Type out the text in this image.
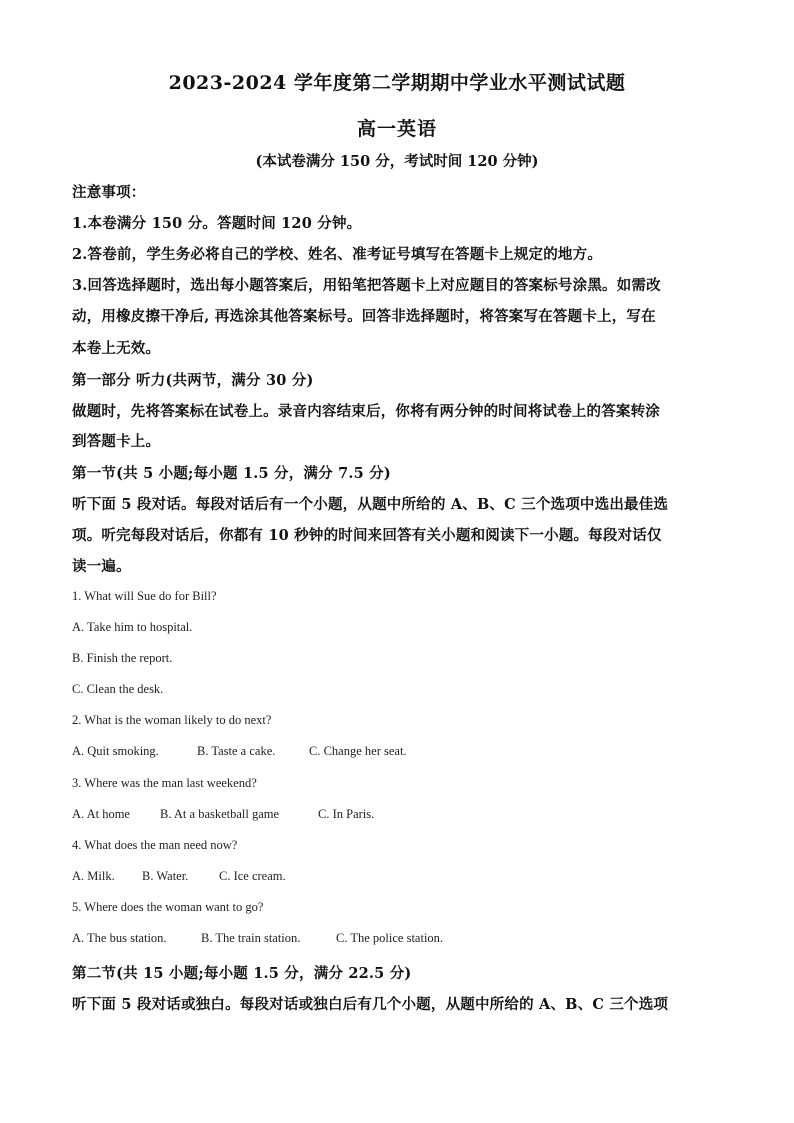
2023-2024 学年度第二学期期中学业水平测试试题
高一英语
(本试卷满分 150 分，考试时间 120 分钟)
注意事项：
1.本卷满分 150 分。答题时间 120 分钟。
2.答卷前，学生务必将自己的学校、姓名、准考证号填写在答题卡上规定的地方。
3.回答选择题时，选出每小题答案后，用铅笔把答题卡上对应题目的答案标号涂黑。如需改
动，用橡皮擦干净后, 再选涂其他答案标号。回答非选择题时，将答案写在答题卡上，写在
本卷上无效。
第一部分 听力(共两节，满分 30 分)
做题时，先将答案标在试卷上。录音内容结束后，你将有两分钟的时间将试卷上的答案转涂
到答题卡上。
第一节(共 5 小题;每小题 1.5 分，满分 7.5 分)
听下面 5 段对话。每段对话后有一个小题，从题中所给的 A、B、C 三个选项中选出最佳选
项。听完每段对话后，你都有 10 秒钟的时间来回答有关小题和阅读下一小题。每段对话仅
读一遍。
1. What will Sue do for Bill?
A. Take him to hospital.
B. Finish the report.
C. Clean the desk.
2. What is the woman likely to do next?
A. Quit smoking.	B. Taste a cake.	C. Change her seat.
3. Where was the man last weekend?
A. At home B. At a basketball game	C. In Paris.
4. What does the man need now?
A. Milk. B. Water. C. Ice cream.
5. Where does the woman want to go?
A. The bus station.	B. The train station.	C. The police station.
第二节(共 15 小题;每小题 1.5 分，满分 22.5 分)
听下面 5 段对话或独白。每段对话或独白后有几个小题，从题中所给的 A、B、C 三个选项
